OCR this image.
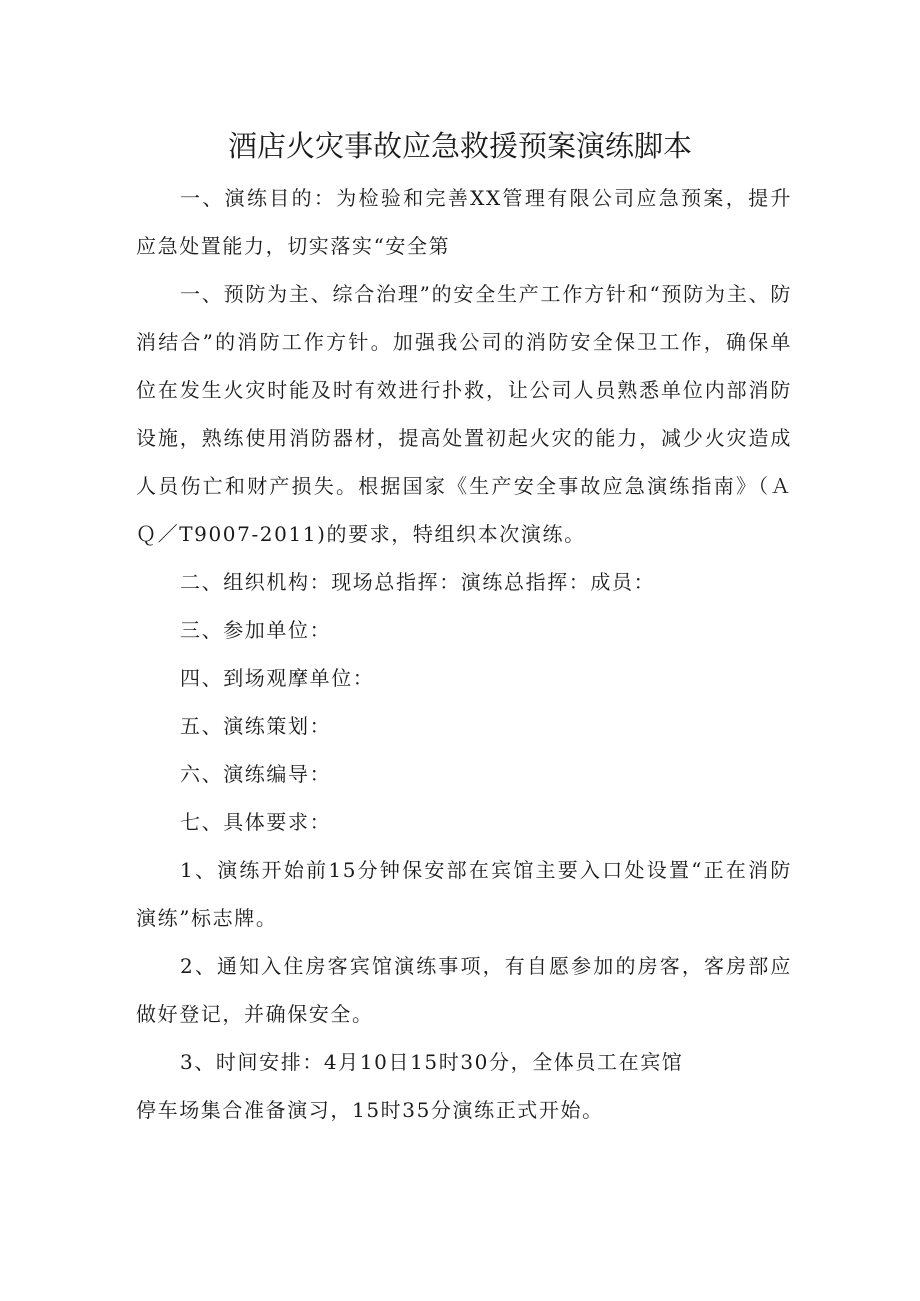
酒店火灾事故应急救援预案演练脚本

一、演练目的：为检验和完善XX管理有限公司应急预案，提升应急处置能力，切实落实“安全第

一、预防为主、综合治理”的安全生产工作方针和“预防为主、防消结合”的消防工作方针。加强我公司的消防安全保卫工作，确保单位在发生火灾时能及时有效进行扑救，让公司人员熟悉单位内部消防设施，熟练使用消防器材，提高处置初起火灾的能力，减少火灾造成人员伤亡和财产损失。根据国家《生产安全事故应急演练指南》（ＡＱ／T9007-2011)的要求，特组织本次演练。

二、组织机构：现场总指挥：演练总指挥：成员：

三、参加单位：

四、到场观摩单位：

五、演练策划：

六、演练编导：

七、具体要求：

1、演练开始前15分钟保安部在宾馆主要入口处设置“正在消防演练”标志牌。

2、通知入住房客宾馆演练事项，有自愿参加的房客，客房部应做好登记，并确保安全。

3、时间安排：4月10日15时30分，全体员工在宾馆

停车场集合准备演习，15时35分演练正式开始。
